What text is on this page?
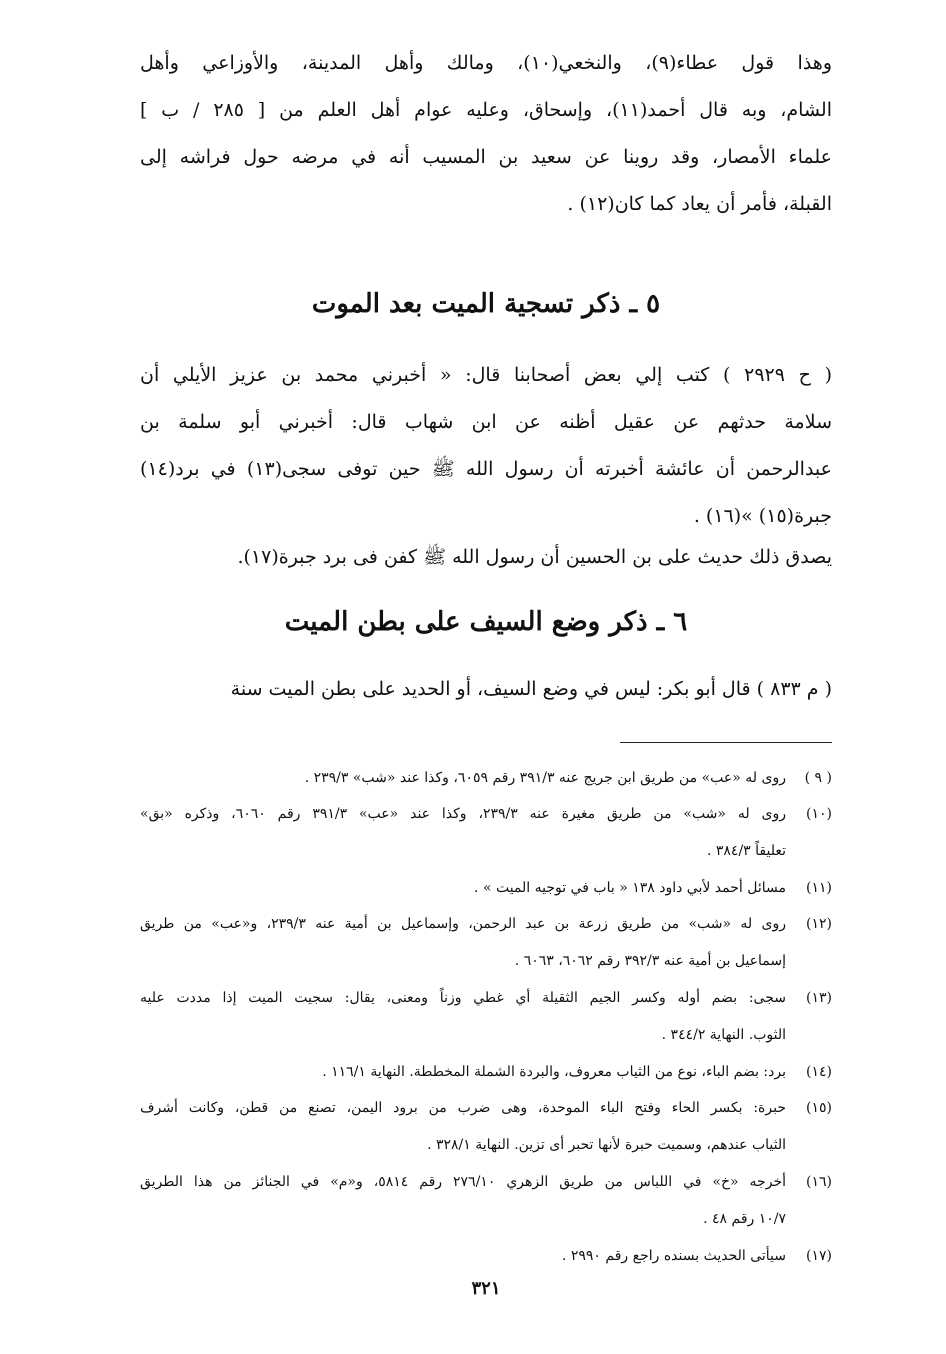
وهذا قول عطاء(٩)، والنخعي(١٠)، ومالك وأهل المدينة، والأوزاعي وأهل
الشام، وبه قال أحمد(١١)، وإسحاق، وعليه عوام أهل العلم من [ ٢٨٥ / ب ]
علماء الأمصار، وقد روينا عن سعيد بن المسيب أنه في مرضه حول فراشه إلى
القبلة، فأمر أن يعاد كما كان(١٢) .
٥ ـ ذكر تسجية الميت بعد الموت
( ح ٢٩٢٩ ) كتب إلي بعض أصحابنا قال: « أخبرني محمد بن عزيز الأيلي أن
سلامة حدثهم عن عقيل أظنه عن ابن شهاب قال: أخبرني أبو سلمة بن
عبدالرحمن أن عائشة أخبرته أن رسول الله ﷺ حين توفى سجى(١٣) في برد(١٤)
جبرة(١٥) »(١٦) .
يصدق ذلك حديث على بن الحسين أن رسول الله ﷺ كفن فى برد جبرة(١٧).
٦ ـ ذكر وضع السيف على بطن الميت
( م ٨٣٣ ) قال أبو بكر: ليس في وضع السيف، أو الحديد على بطن الميت سنة
( ٩ )
روى له «عب» من طريق ابن جريج عنه ٣٩١/٣ رقم ٦٠٥٩، وكذا عند «شب» ٢٣٩/٣ .
(١٠)
روى له «شب» من طريق مغيرة عنه ٢٣٩/٣، وكذا عند «عب» ٣٩١/٣ رقم ٦٠٦٠، وذكره «بق»
تعليقاً ٣٨٤/٣ .
(١١)
مسائل أحمد لأبي داود ١٣٨ « باب في توجيه الميت » .
(١٢)
روى له «شب» من طريق زرعة بن عبد الرحمن، وإسماعيل بن أمية عنه ٢٣٩/٣، و«عب» من طريق
إسماعيل بن أمية عنه ٣٩٢/٣ رقم ٦٠٦٢، ٦٠٦٣ .
(١٣)
سجى: بضم أوله وكسر الجيم الثقيلة أي غطي وزناً ومعنى، يقال: سجيت الميت إذا مددت عليه
الثوب. النهاية ٣٤٤/٢ .
(١٤)
برد: بضم الباء، نوع من الثياب معروف، والبردة الشملة المخططة. النهاية ١١٦/١ .
(١٥)
حبرة: بكسر الحاء وفتح الباء الموحدة، وهى ضرب من برود اليمن، تصنع من قطن، وكانت أشرف
الثياب عندهم، وسميت حبرة لأنها تحبر أى تزين. النهاية ٣٢٨/١ .
(١٦)
أخرجه «خ» في اللباس من طريق الزهري ٢٧٦/١٠ رقم ٥٨١٤، و«م» في الجنائز من هذا الطريق
١٠/٧ رقم ٤٨ .
(١٧)
سيأتى الحديث بسنده راجع رقم ٢٩٩٠ .
٣٢١
